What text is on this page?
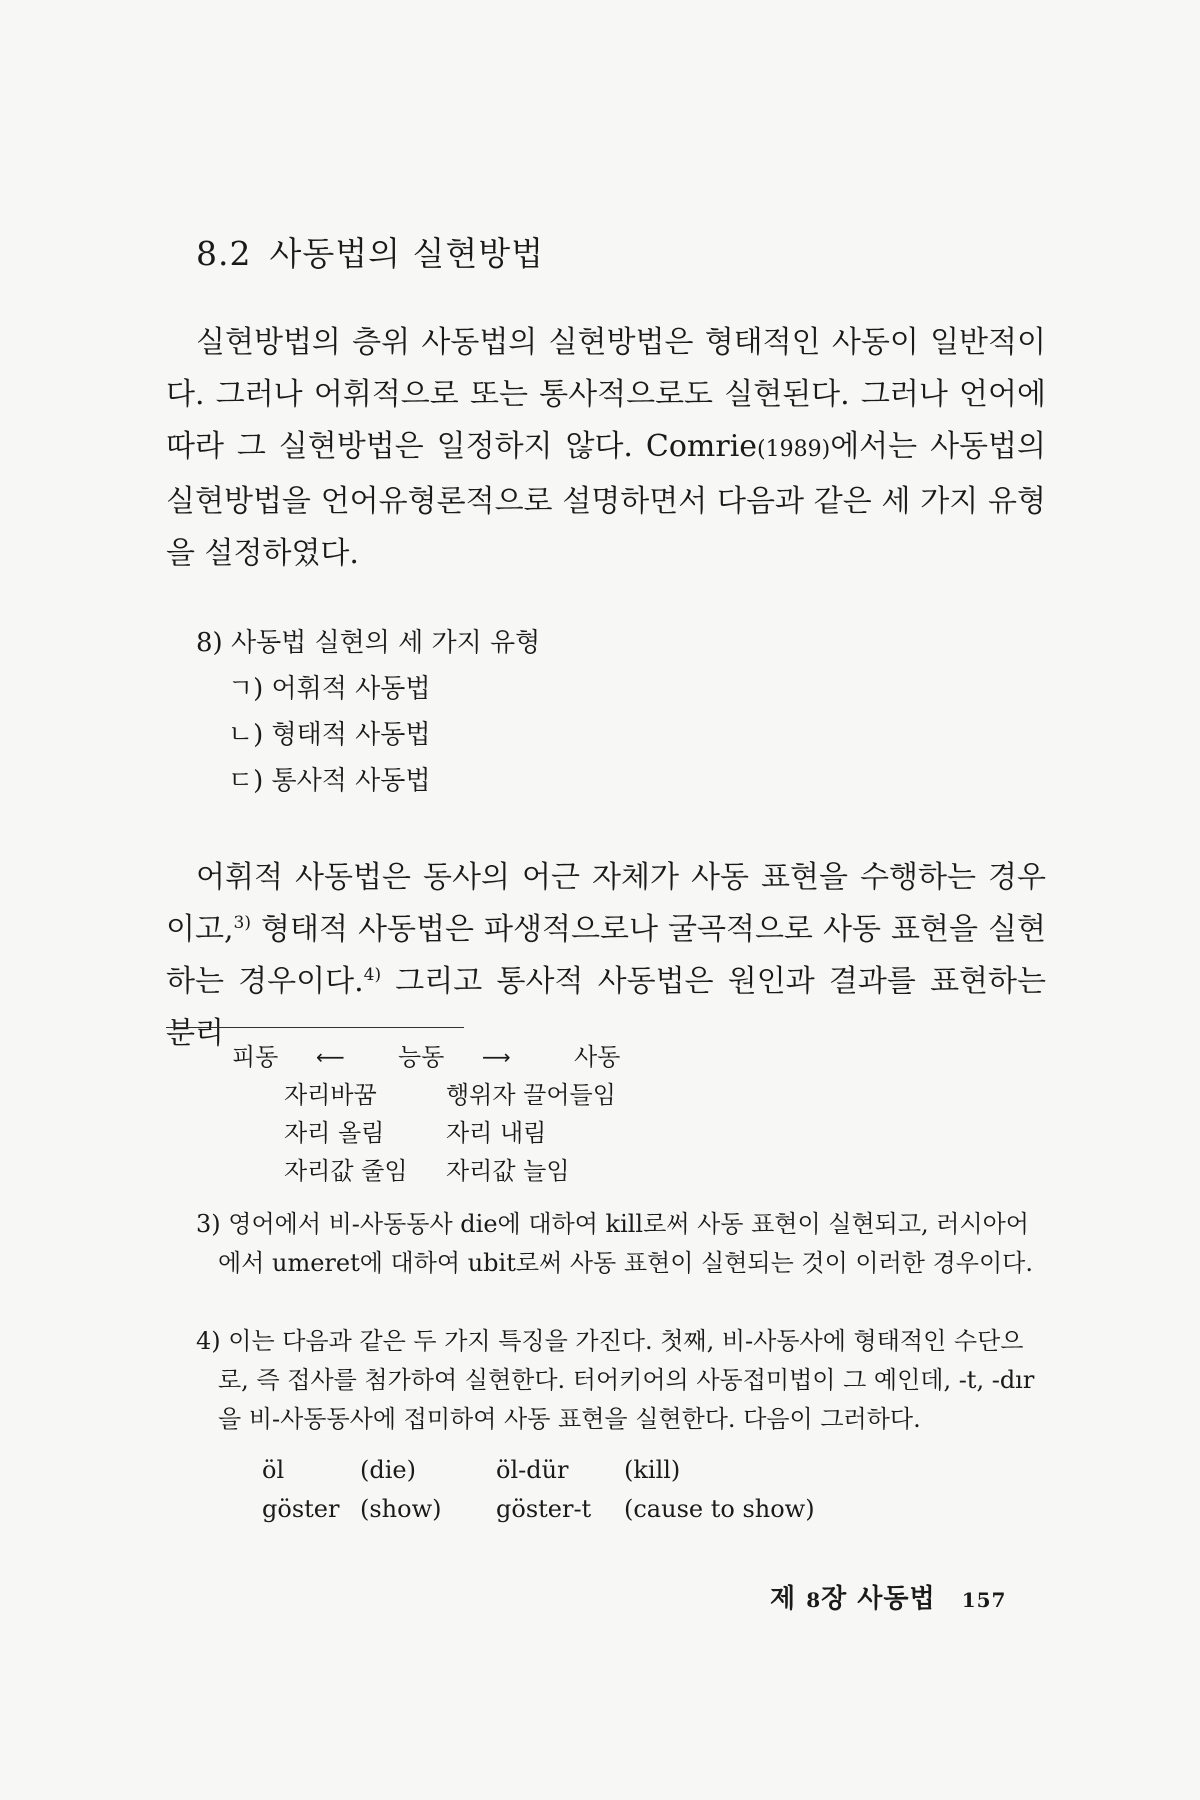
8.2 사동법의 실현방법

실현방법의 층위 사동법의 실현방법은 형태적인 사동이 일반적이다. 그러나 어휘적으로 또는 통사적으로도 실현된다. 그러나 언어에 따라 그 실현방법은 일정하지 않다. Comrie(1989)에서는 사동법의 실현방법을 언어유형론적으로 설명하면서 다음과 같은 세 가지 유형을 설정하였다.

8) 사동법 실현의 세 가지 유형
ㄱ) 어휘적 사동법
ㄴ) 형태적 사동법
ㄷ) 통사적 사동법

어휘적 사동법은 동사의 어근 자체가 사동 표현을 수행하는 경우이고,$^{3)}$ 형태적 사동법은 파생적으로나 굴곡적으로 사동 표현을 실현하는 경우이다.$^{4)}$ 그리고 통사적 사동법은 원인과 결과를 표현하는 분리

피동 ⟵ 능동 ⟶	사동
자리바꿈	행위자 끌어들임
자리 올림	자리 내림
자리값 줄임 자리값 늘임

3) 영어에서 비-사동동사 die에 대하여 kill로써 사동 표현이 실현되고, 러시아어에서 umeret에 대하여 ubit로써 사동 표현이 실현되는 것이 이러한 경우이다.

4) 이는 다음과 같은 두 가지 특징을 가진다. 첫째, 비-사동사에 형태적인 수단으로, 즉 접사를 첨가하여 실현한다. 터어키어의 사동접미법이 그 예인데, -t, -dır을 비-사동동사에 접미하여 사동 표현을 실현한다. 다음이 그러하다.

öl	(die)	öl-dür (kill)
göster (show) göster-t (cause to show)
제 8장 사동법 157
